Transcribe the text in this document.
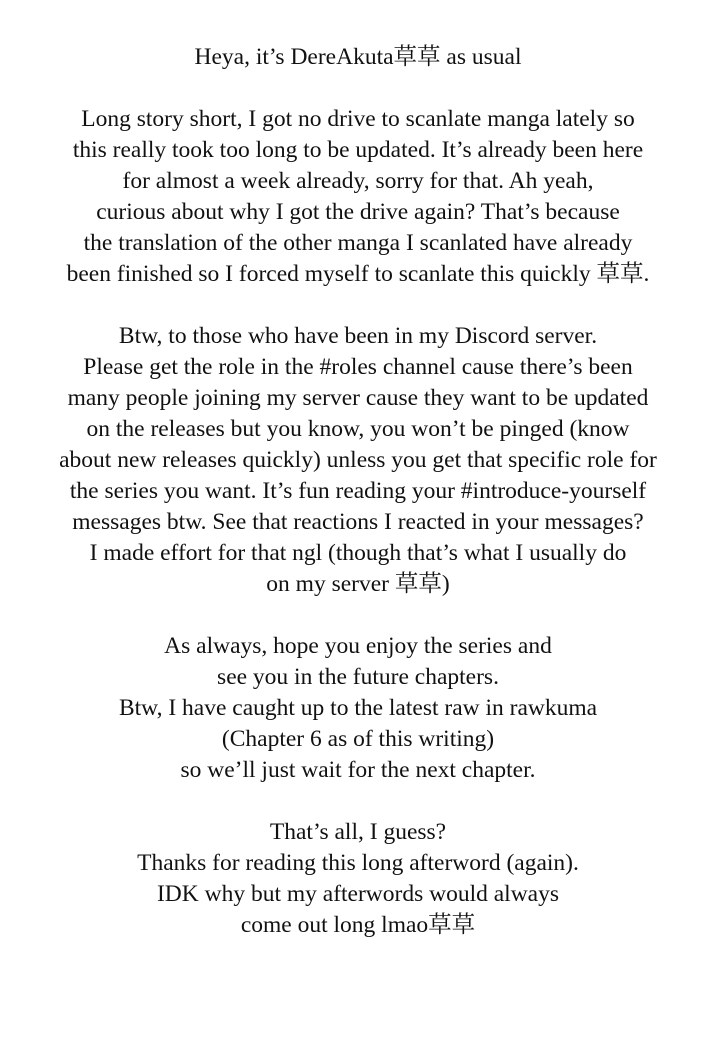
Heya, it’s DereAkuta草草 as usual
Long story short, I got no drive to scanlate manga lately so
this really took too long to be updated. It’s already been here
for almost a week already, sorry for that. Ah yeah,
curious about why I got the drive again? That’s because
the translation of the other manga I scanlated have already
been finished so I forced myself to scanlate this quickly 草草.
Btw, to those who have been in my Discord server.
Please get the role in the #roles channel cause there’s been
many people joining my server cause they want to be updated
on the releases but you know, you won’t be pinged (know
about new releases quickly) unless you get that specific role for
the series you want. It’s fun reading your #introduce-yourself
messages btw. See that reactions I reacted in your messages?
I made effort for that ngl (though that’s what I usually do
on my server 草草)
As always, hope you enjoy the series and
see you in the future chapters.
Btw, I have caught up to the latest raw in rawkuma
(Chapter 6 as of this writing)
so we’ll just wait for the next chapter.
That’s all, I guess?
Thanks for reading this long afterword (again).
IDK why but my afterwords would always
come out long lmao草草
